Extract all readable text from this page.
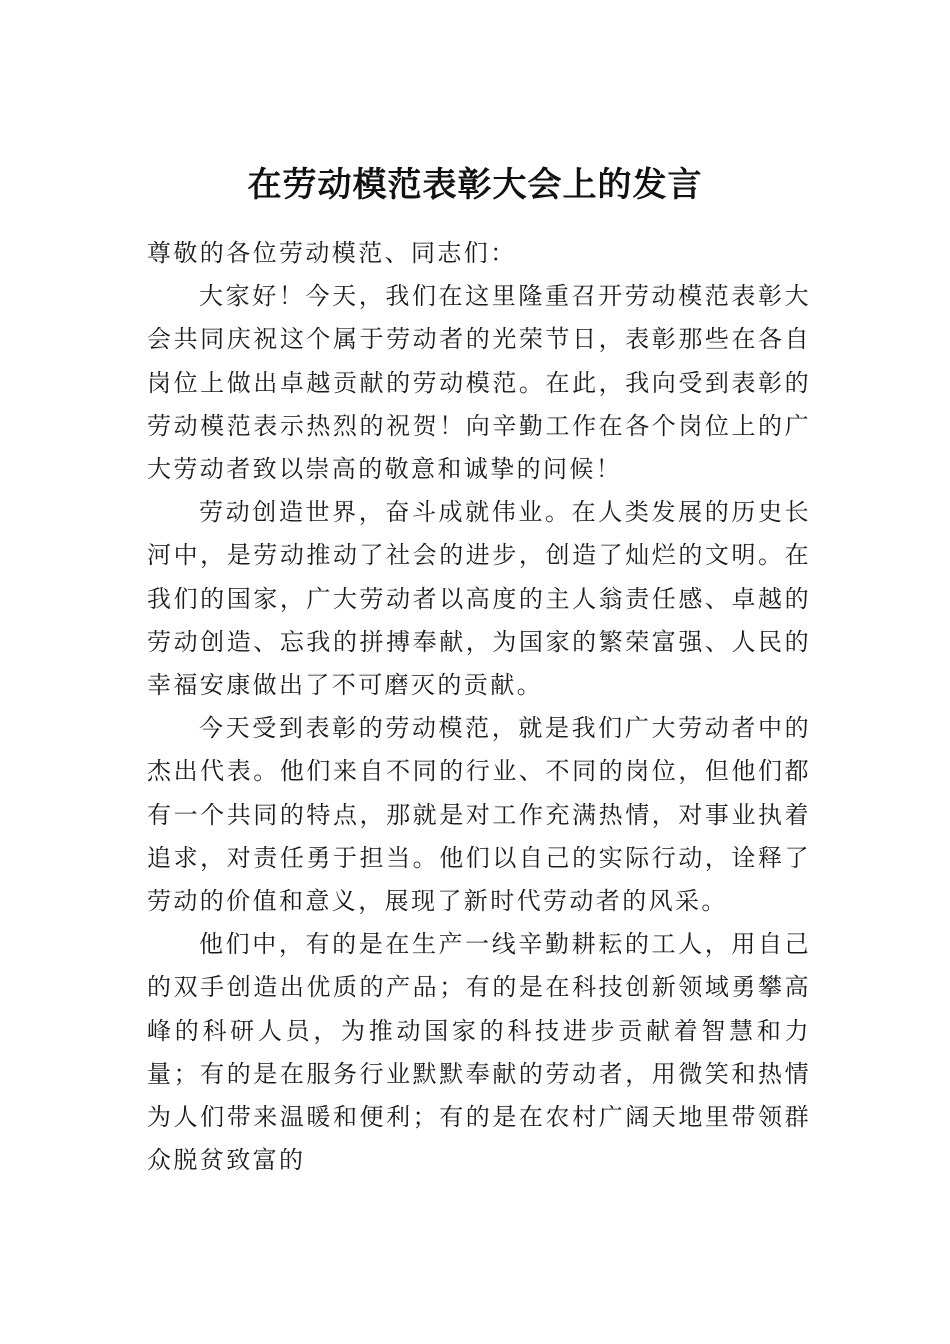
在劳动模范表彰大会上的发言

尊敬的各位劳动模范、同志们：

大家好！今天，我们在这里隆重召开劳动模范表彰大会共同庆祝这个属于劳动者的光荣节日，表彰那些在各自岗位上做出卓越贡献的劳动模范。在此，我向受到表彰的劳动模范表示热烈的祝贺！向辛勤工作在各个岗位上的广大劳动者致以崇高的敬意和诚挚的问候！

劳动创造世界，奋斗成就伟业。在人类发展的历史长河中，是劳动推动了社会的进步，创造了灿烂的文明。在我们的国家，广大劳动者以高度的主人翁责任感、卓越的劳动创造、忘我的拼搏奉献，为国家的繁荣富强、人民的幸福安康做出了不可磨灭的贡献。

今天受到表彰的劳动模范，就是我们广大劳动者中的杰出代表。他们来自不同的行业、不同的岗位，但他们都有一个共同的特点，那就是对工作充满热情，对事业执着追求，对责任勇于担当。他们以自己的实际行动，诠释了劳动的价值和意义，展现了新时代劳动者的风采。

他们中，有的是在生产一线辛勤耕耘的工人，用自己的双手创造出优质的产品；有的是在科技创新领域勇攀高峰的科研人员，为推动国家的科技进步贡献着智慧和力量；有的是在服务行业默默奉献的劳动者，用微笑和热情为人们带来温暖和便利；有的是在农村广阔天地里带领群众脱贫致富的
